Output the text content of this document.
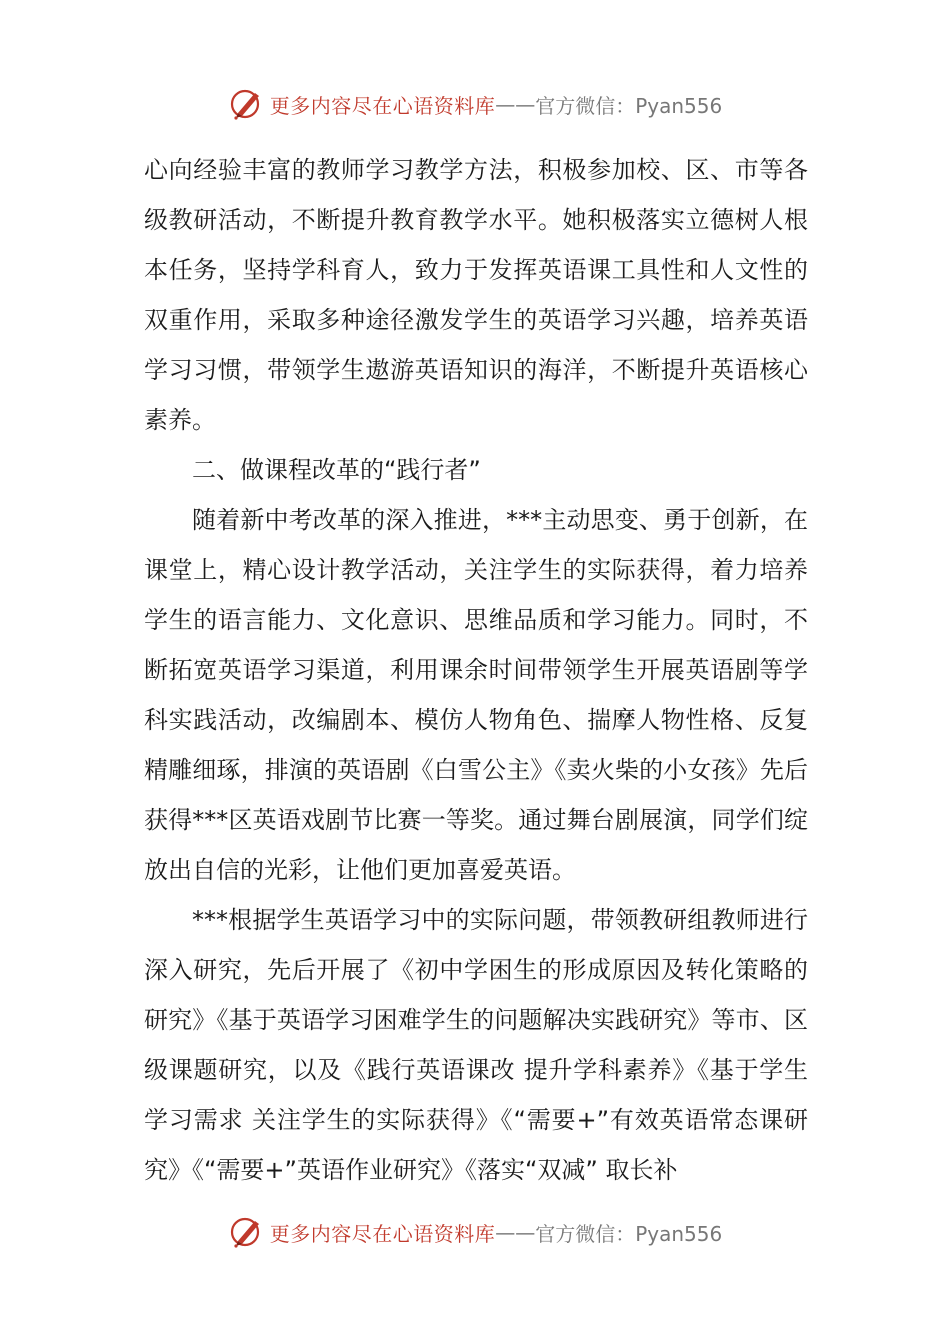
更多内容尽在心语资料库 —— 官方微信：Pyan556

心向经验丰富的教师学习教学方法，积极参加校、区、市等各级教研活动，不断提升教育教学水平。她积极落实立德树人根本任务，坚持学科育人，致力于发挥英语课工具性和人文性的双重作用，采取多种途径激发学生的英语学习兴趣，培养英语学习习惯，带领学生遨游英语知识的海洋，不断提升英语核心素养。

二、做课程改革的“践行者”

随着新中考改革的深入推进，***主动思变、勇于创新，在课堂上，精心设计教学活动，关注学生的实际获得，着力培养学生的语言能力、文化意识、思维品质和学习能力。同时，不断拓宽英语学习渠道，利用课余时间带领学生开展英语剧等学科实践活动，改编剧本、模仿人物角色、揣摩人物性格、反复精雕细琢，排演的英语剧《白雪公主》《卖火柴的小女孩》先后获得***区英语戏剧节比赛一等奖。通过舞台剧展演，同学们绽放出自信的光彩，让他们更加喜爱英语。

***根据学生英语学习中的实际问题，带领教研组教师进行深入研究，先后开展了《初中学困生的形成原因及转化策略的研究》《基于英语学习困难学生的问题解决实践研究》等市、区级课题研究，以及《践行英语课改 提升学科素养》《基于学生学习需求 关注学生的实际获得》《“需要+”有效英语常态课研究》《“需要+”英语作业研究》《落实“双减” 取长补

更多内容尽在心语资料库 —— 官方微信：Pyan556
